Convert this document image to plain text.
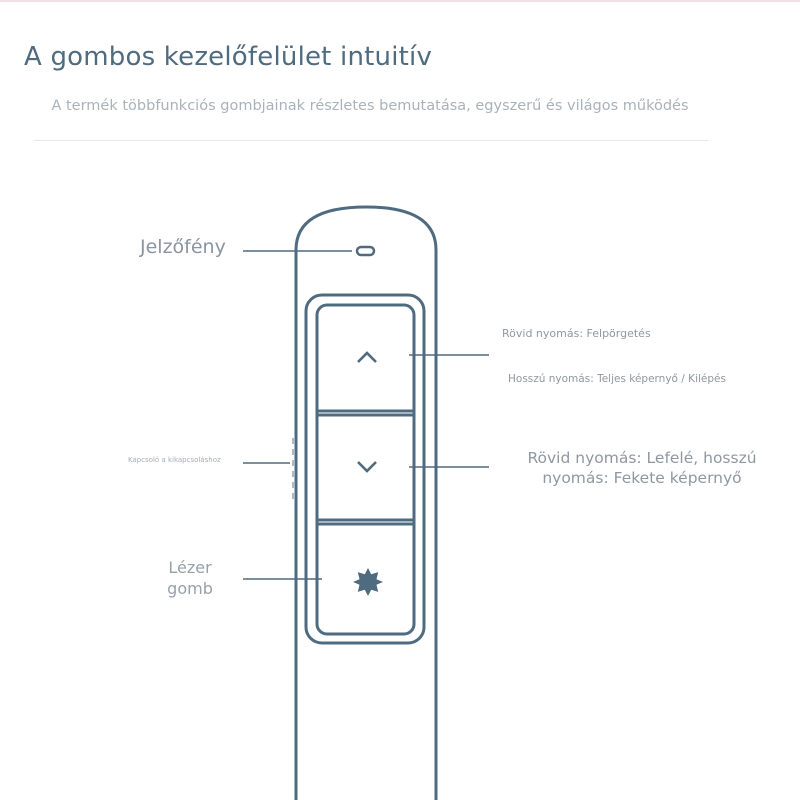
A gombos kezelőfelület intuitív
A termék többfunkciós gombjainak részletes bemutatása, egyszerű és világos működés
Jelzőfény
Rövid nyomás: Felpörgetés
Hosszú nyomás: Teljes képernyő / Kilépés
Rövid nyomás: Lefelé, hosszú nyomás: Fekete képernyő
Kapcsoló a kikapcsoláshoz
Lézer gomb
